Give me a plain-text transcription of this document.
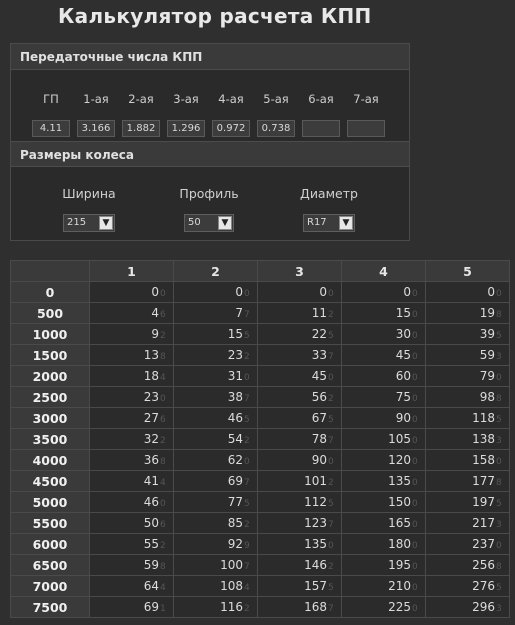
Калькулятор расчета КПП
Передаточные числа КПП
ГП	1-ая	2-ая	3-ая	4-ая	5-ая	6-ая	7-ая
4.11	3.166	1.882	1.296	0.972	0.738
Размеры колеса
Ширина	Профиль	Диаметр
215	▼	50	▼	R17	▼
	1	2	3	4	5
0	00	00	00	00	00
500	46	77	112	150	198
1000	92	155	225	300	395
1500	138	232	337	450	593
2000	184	310	450	600	790
2500	230	387	562	750	988
3000	276	465	675	900	1185
3500	322	542	787	1050	1383
4000	368	620	900	1200	1580
4500	414	697	1012	1350	1778
5000	460	775	1125	1500	1975
5500	506	852	1237	1650	2173
6000	552	929	1350	1800	2370
6500	598	1007	1462	1950	2568
7000	644	1084	1575	2100	2765
7500	691	1162	1687	2250	2963
